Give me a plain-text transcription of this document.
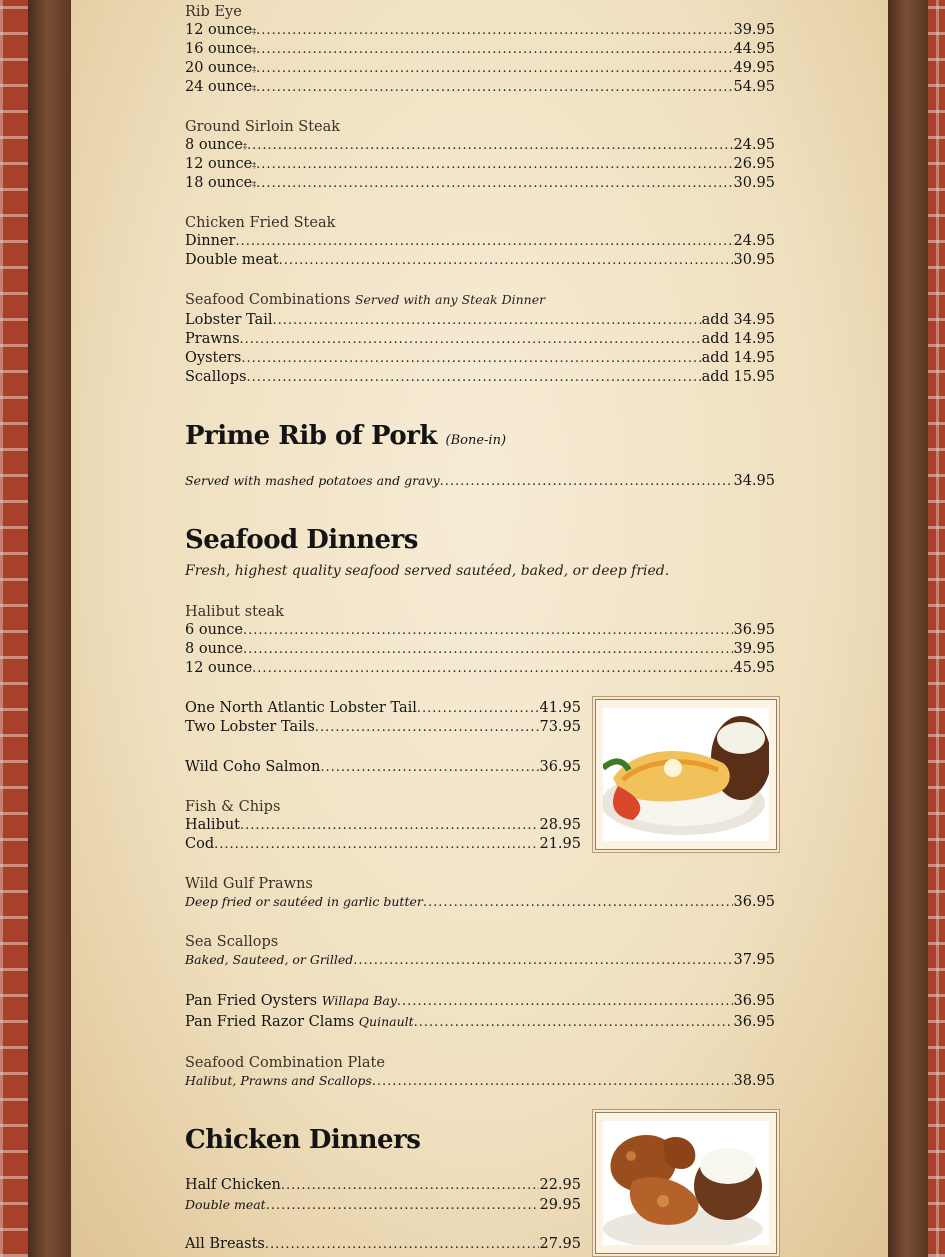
Rib Eye
12 ounce ‡ .....	39.95
16 ounce ‡ .....	44.95
20 ounce ‡ .....	49.95
24 ounce ‡ .....	54.95
Ground Sirloin Steak
8 ounce ‡ .....	24.95
12 ounce ‡ .....	26.95
18 ounce ‡ .....	30.95
Chicken Fried Steak
Dinner .....	24.95
Double meat .....	30.95
Seafood Combinations Served with any Steak Dinner
Lobster Tail .....	add 34.95
Prawns .....	add 14.95
Oysters .....	add 14.95
Scallops .....	add 15.95
Prime Rib of Pork (Bone-in)
Served with mashed potatoes and gravy .....	34.95
Seafood Dinners
Fresh, highest quality seafood served sautéed, baked, or deep fried.
Halibut steak
6 ounce .....	36.95
8 ounce .....	39.95
12 ounce .....	45.95
One North Atlantic Lobster Tail .....	41.95
Two Lobster Tails .....	73.95
Wild Coho Salmon .....	36.95
Fish & Chips
Halibut .....	28.95
Cod .....	21.95
Wild Gulf Prawns
Deep fried or sautéed in garlic butter .....	36.95
Sea Scallops
Baked, Sauteed, or Grilled .....	37.95
Pan Fried Oysters
Willapa Bay .....	36.95
Pan Fried Razor Clams
Quinault .....	36.95
Seafood Combination Plate
Halibut, Prawns and Scallops .....	38.95
Chicken Dinners
Half Chicken .....	22.95
Double meat .....	29.95
All Breasts .....	27.95
